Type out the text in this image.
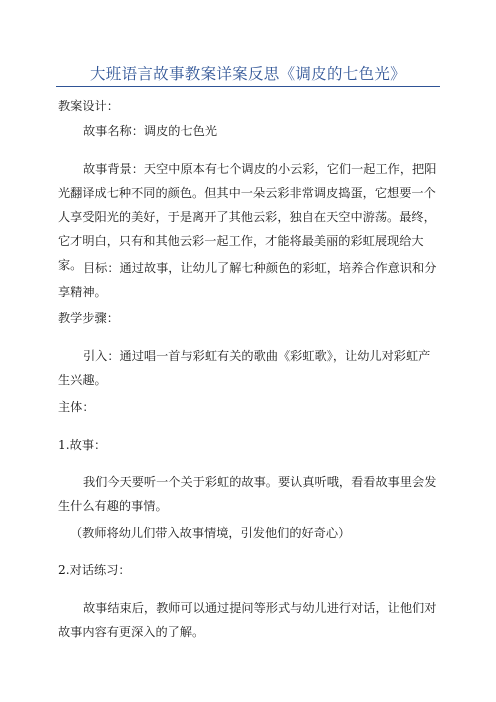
大班语言故事教案详案反思《调皮的七色光》

教案设计：

故事名称：调皮的七色光

故事背景：天空中原本有七个调皮的小云彩，它们一起工作，把阳光翻译成七种不同的颜色。但其中一朵云彩非常调皮捣蛋，它想要一个人享受阳光的美好，于是离开了其他云彩，独自在天空中游荡。最终，它才明白，只有和其他云彩一起工作，才能将最美丽的彩虹展现给大家。 目标：通过故事，让幼儿了解七种颜色的彩虹，培养合作意识和分享精神。

教学步骤：

引入：通过唱一首与彩虹有关的歌曲《彩虹歌》，让幼儿对彩虹产生兴趣。

主体：

1.故事：

我们今天要听一个关于彩虹的故事。要认真听哦，看看故事里会发生什么有趣的事情。

（教师将幼儿们带入故事情境，引发他们的好奇心）

2.对话练习：

故事结束后，教师可以通过提问等形式与幼儿进行对话，让他们对故事内容有更深入的了解。
